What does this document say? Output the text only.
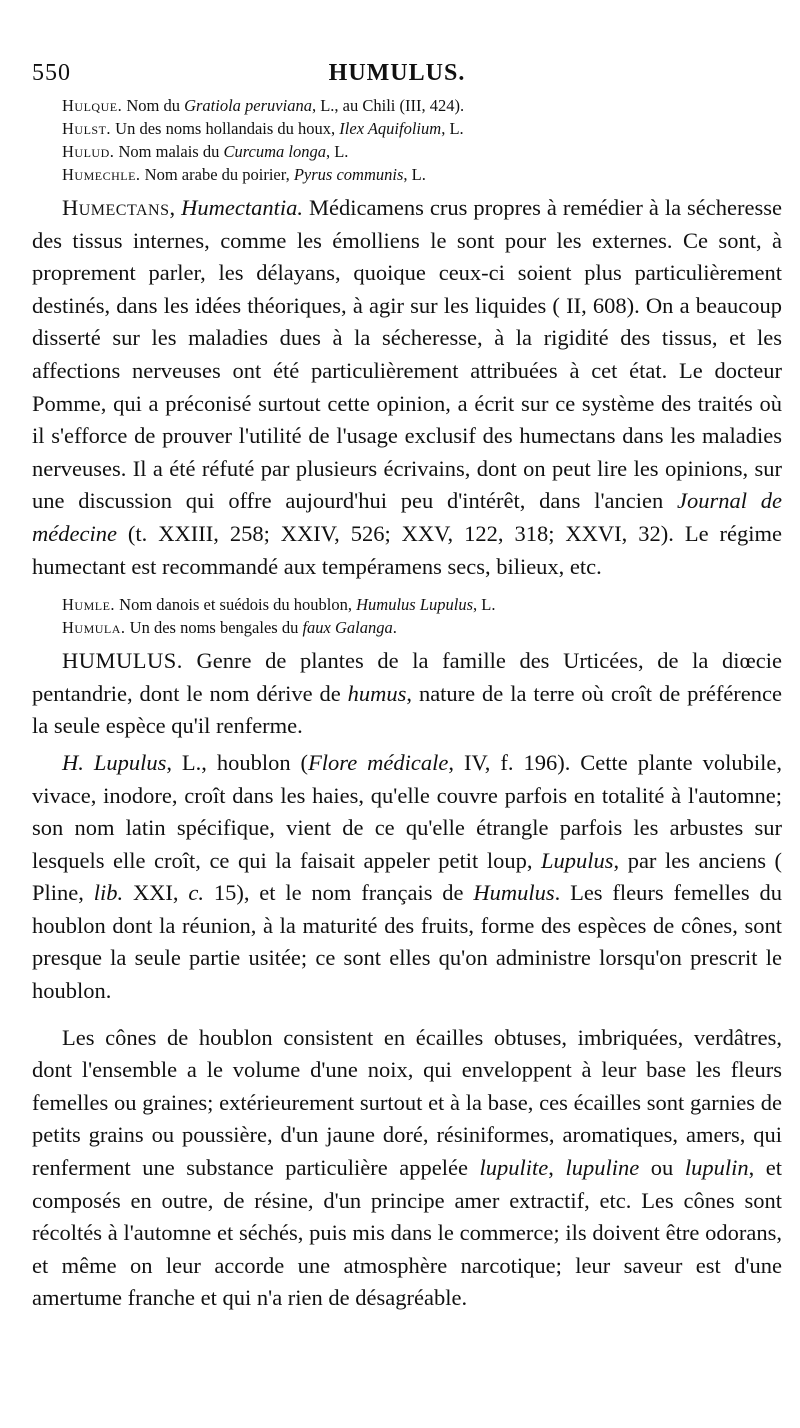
550	HUMULUS.

Hulque. Nom du Gratiola peruviana, L., au Chili (III, 424).

Hulst. Un des noms hollandais du houx, Ilex Aquifolium, L.

Hulud. Nom malais du Curcuma longa, L.

Humechle. Nom arabe du poirier, Pyrus communis, L.

Humectans, Humectantia. Médicamens crus propres à remédier à la sécheresse des tissus internes, comme les émolliens le sont pour les externes. Ce sont, à proprement parler, les délayans, quoique ceux-ci soient plus particulièrement destinés, dans les idées théoriques, à agir sur les liquides ( II, 608). On a beaucoup disserté sur les maladies dues à la sécheresse, à la rigidité des tissus, et les affections nerveuses ont été particulièrement attribuées à cet état. Le docteur Pomme, qui a préconisé surtout cette opinion, a écrit sur ce système des traités où il s'efforce de prouver l'utilité de l'usage exclusif des humectans dans les maladies nerveuses. Il a été réfuté par plusieurs écrivains, dont on peut lire les opinions, sur une discussion qui offre aujourd'hui peu d'intérêt, dans l'ancien Journal de médecine (t. XXIII, 258; XXIV, 526; XXV, 122, 318; XXVI, 32). Le régime humectant est recommandé aux tempéramens secs, bilieux, etc.

Humle. Nom danois et suédois du houblon, Humulus Lupulus, L.

Humula. Un des noms bengales du faux Galanga.

HUMULUS. Genre de plantes de la famille des Urticées, de la diœcie pentandrie, dont le nom dérive de humus, nature de la terre où croît de préférence la seule espèce qu'il renferme.

H. Lupulus, L., houblon (Flore médicale, IV, f. 196). Cette plante volubile, vivace, inodore, croît dans les haies, qu'elle couvre parfois en totalité à l'automne; son nom latin spécifique, vient de ce qu'elle étrangle parfois les arbustes sur lesquels elle croît, ce qui la faisait appeler petit loup, Lupulus, par les anciens ( Pline, lib. XXI, c. 15), et le nom français de Humulus. Les fleurs femelles du houblon dont la réunion, à la maturité des fruits, forme des espèces de cônes, sont presque la seule partie usitée; ce sont elles qu'on administre lorsqu'on prescrit le houblon.

Les cônes de houblon consistent en écailles obtuses, imbriquées, verdâtres, dont l'ensemble a le volume d'une noix, qui enveloppent à leur base les fleurs femelles ou graines; extérieurement surtout et à la base, ces écailles sont garnies de petits grains ou poussière, d'un jaune doré, résiniformes, aromatiques, amers, qui renferment une substance particulière appelée lupulite, lupuline ou lupulin, et composés en outre, de résine, d'un principe amer extractif, etc. Les cônes sont récoltés à l'automne et séchés, puis mis dans le commerce; ils doivent être odorans, et même on leur accorde une atmosphère narcotique; leur saveur est d'une amertume franche et qui n'a rien de désagréable.
